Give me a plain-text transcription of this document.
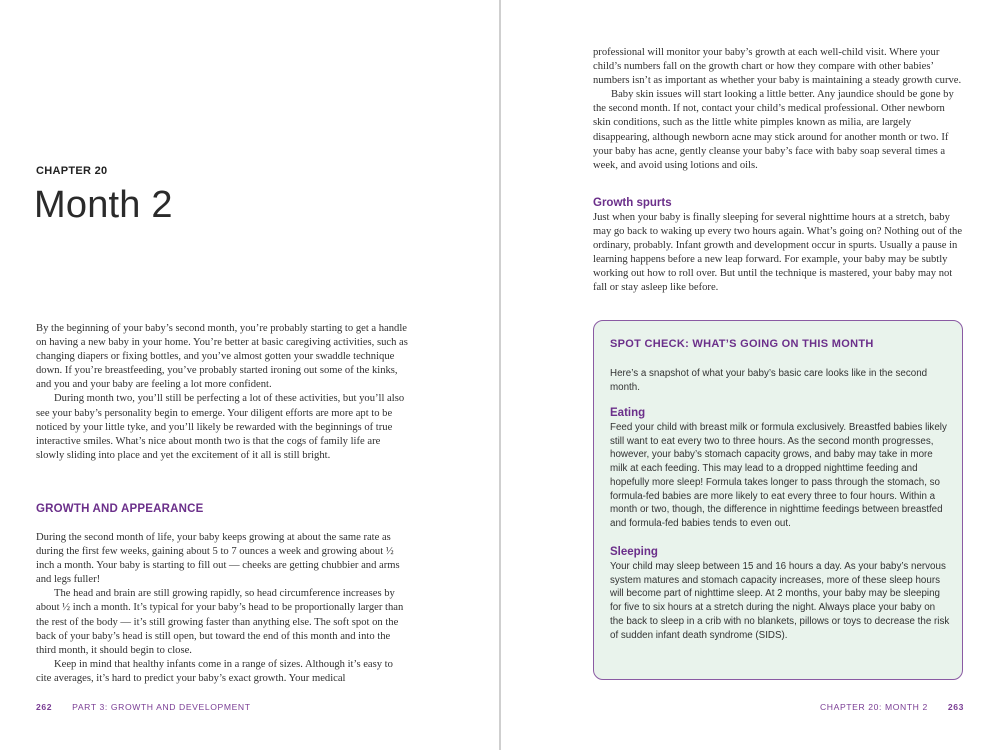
CHAPTER 20
Month 2

By the beginning of your baby’s second month, you’re probably starting to get a handle on having a new baby in your home. You’re better at basic caregiving activities, such as changing diapers or fixing bottles, and you’ve almost gotten your swaddle technique down. If you’re breastfeeding, you’ve probably started ironing out some of the kinks, and you and your baby are feeling a lot more confident.

During month two, you’ll still be perfecting a lot of these activities, but you’ll also see your baby’s personality begin to emerge. Your diligent efforts are more apt to be noticed by your little tyke, and you’ll likely be rewarded with the beginnings of true interactive smiles. What’s nice about month two is that the cogs of family life are slowly sliding into place and yet the excitement of it all is still bright.

GROWTH AND APPEARANCE

During the second month of life, your baby keeps growing at about the same rate as during the first few weeks, gaining about 5 to 7 ounces a week and growing about ½ inch a month. Your baby is starting to fill out — cheeks are getting chubbier and arms and legs fuller!

The head and brain are still growing rapidly, so head circumference increases by about ½ inch a month. It’s typical for your baby’s head to be proportionally larger than the rest of the body — it’s still growing faster than anything else. The soft spot on the back of your baby’s head is still open, but toward the end of this month and into the third month, it should begin to close.

Keep in mind that healthy infants come in a range of sizes. Although it’s easy to cite averages, it’s hard to predict your baby’s exact growth. Your medical

262 PART 3: GROWTH AND DEVELOPMENT

professional will monitor your baby’s growth at each well-child visit. Where your child’s numbers fall on the growth chart or how they compare with other babies’ numbers isn’t as important as whether your baby is maintaining a steady growth curve.

Baby skin issues will start looking a little better. Any jaundice should be gone by the second month. If not, contact your child’s medical professional. Other newborn skin conditions, such as the little white pimples known as milia, are largely disappearing, although newborn acne may stick around for another month or two. If your baby has acne, gently cleanse your baby’s face with baby soap several times a week, and avoid using lotions and oils.

Growth spurts
Just when your baby is finally sleeping for several nighttime hours at a stretch, baby may go back to waking up every two hours again. What’s going on? Nothing out of the ordinary, probably. Infant growth and development occur in spurts. Usually a pause in learning happens before a new leap forward. For example, your baby may be subtly working out how to roll over. But until the technique is mastered, your baby may not fall or stay asleep like before.
SPOT CHECK: WHAT’S GOING ON THIS MONTH
Here’s a snapshot of what your baby’s basic care looks like in the second month.
Eating
Feed your child with breast milk or formula exclusively. Breastfed babies likely still want to eat every two to three hours. As the second month progresses, however, your baby’s stomach capacity grows, and baby may take in more milk at each feeding. This may lead to a dropped nighttime feeding and hopefully more sleep! Formula takes longer to pass through the stomach, so formula-fed babies are more likely to eat every three to four hours. Within a month or two, though, the difference in nighttime feedings between breastfed and formula-fed babies tends to even out.
Sleeping
Your child may sleep between 15 and 16 hours a day. As your baby’s nervous system matures and stomach capacity increases, more of these sleep hours will become part of nighttime sleep. At 2 months, your baby may be sleeping for five to six hours at a stretch during the night. Always place your baby on the back to sleep in a crib with no blankets, pillows or toys to decrease the risk of sudden infant death syndrome (SIDS).
CHAPTER 20: MONTH 2 263
